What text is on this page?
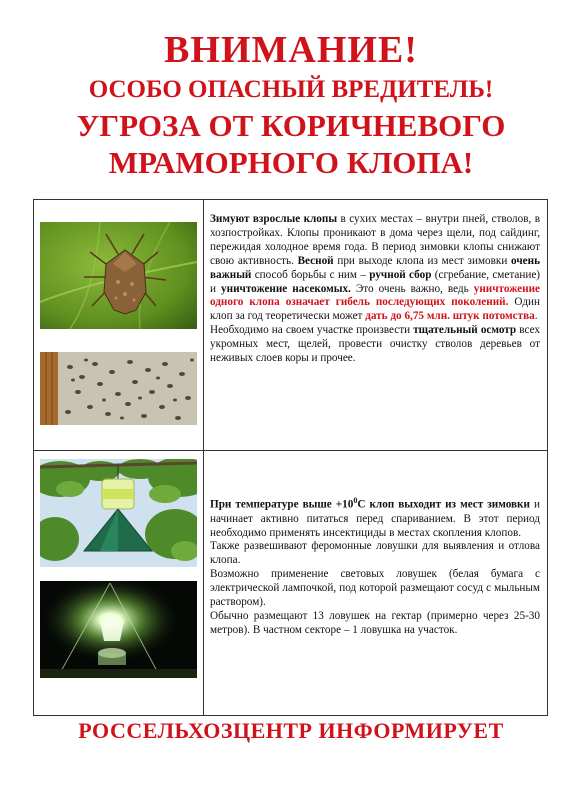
ВНИМАНИЕ!
ОСОБО ОПАСНЫЙ ВРЕДИТЕЛЬ!
УГРОЗА ОТ КОРИЧНЕВОГО
МРАМОРНОГО КЛОПА!

Зимуют взрослые клопы в сухих местах – внутри пней, стволов, в хозпостройках. Клопы проникают в дома через щели, под сайдинг, пережидая холодное время года. В период зимовки клопы снижают свою активность. Весной при выходе клопа из мест зимовки очень важный способ борьбы с ним – ручной сбор (сгребание, сметание) и уничтожение насекомых. Это очень важно, ведь уничтожение одного клопа означает гибель последующих поколений. Один клоп за год теоретически может дать до 6,75 млн. штук потомства.

Необходимо на своем участке произвести тщательный осмотр всех укромных мест, щелей, провести очистку стволов деревьев от неживых слоев коры и прочее.

При температуре выше $+10^0С$ клоп выходит из мест зимовки и начинает активно питаться перед спариванием. В этот период необходимо применять инсектициды в местах скопления клопов.

Также развешивают феромонные ловушки для выявления и отлова клопа.

Возможно применение световых ловушек (белая бумага с электрической лампочкой, под которой размещают сосуд с мыльным раствором).

Обычно размещают 13 ловушек на гектар (примерно через 25-30 метров). В частном секторе – 1 ловушка на участок.

РОССЕЛЬХОЗЦЕНТР ИНФОРМИРУЕТ
